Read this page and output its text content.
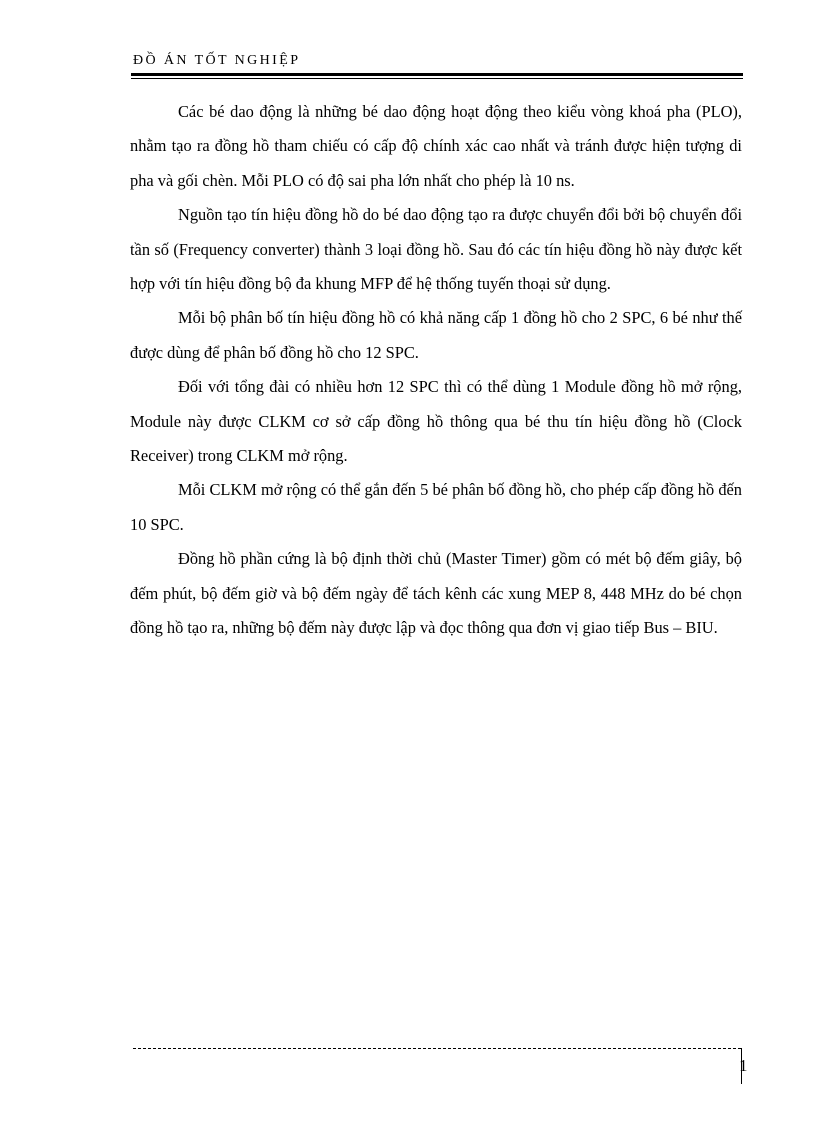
ĐỒ ÁN TỐT NGHIỆP

Các bé dao động là những bé dao động hoạt động theo kiểu vòng khoá pha (PLO), nhằm tạo ra đồng hồ tham chiếu có cấp độ chính xác cao nhất và tránh được hiện tượng di pha và gối chèn. Mỗi PLO có độ sai pha lớn nhất cho phép là 10 ns.

Nguồn tạo tín hiệu đồng hồ do bé dao động tạo ra được chuyển đổi bởi bộ chuyển đổi tần số (Frequency converter) thành 3 loại đồng hồ. Sau đó các tín hiệu đồng hồ này được kết hợp với tín hiệu đồng bộ đa khung MFP để hệ thống tuyến thoại sử dụng.

Mỗi bộ phân bố tín hiệu đồng hồ có khả năng cấp 1 đồng hồ cho 2 SPC, 6 bé như thế được dùng để phân bố đồng hồ cho 12 SPC.

Đối với tổng đài có nhiều hơn 12 SPC thì có thể dùng 1 Module đồng hồ mở rộng, Module này được CLKM cơ sở cấp đồng hồ thông qua bé thu tín hiệu đồng hồ (Clock Receiver) trong CLKM mở rộng.

Mỗi CLKM mở rộng có thể gắn đến 5 bé phân bố đồng hồ, cho phép cấp đồng hồ đến 10 SPC.

Đồng hồ phần cứng là bộ định thời chủ (Master Timer) gồm có mét bộ đếm giây, bộ đếm phút, bộ đếm giờ và bộ đếm ngày để tách kênh các xung MEP 8, 448 MHz do bé chọn đồng hồ tạo ra, những bộ đếm này được lập và đọc thông qua đơn vị giao tiếp Bus – BIU.

1
